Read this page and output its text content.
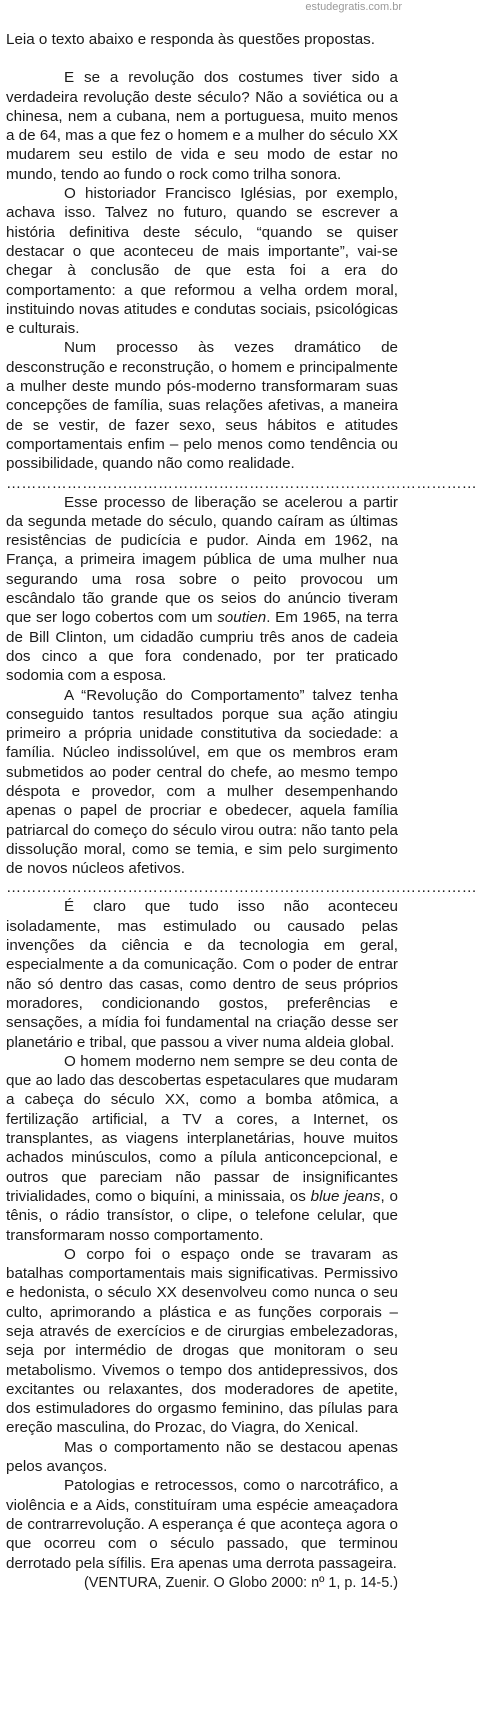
estudegratis.com.br

Leia o texto abaixo e responda às questões propostas.

E se a revolução dos costumes tiver sido a verdadeira revolução deste século? Não a soviética ou a chinesa, nem a cubana, nem a portuguesa, muito menos a de 64, mas a que fez o homem e a mulher do século XX mudarem seu estilo de vida e seu modo de estar no mundo, tendo ao fundo o rock como trilha sonora.

O historiador Francisco Iglésias, por exemplo, achava isso. Talvez no futuro, quando se escrever a história definitiva deste século, “quando se quiser destacar o que aconteceu de mais importante”, vai-se chegar à conclusão de que esta foi a era do comportamento: a que reformou a velha ordem moral, instituindo novas atitudes e condutas sociais, psicológicas e culturais.

Num processo às vezes dramático de desconstrução e reconstrução, o homem e principalmente a mulher deste mundo pós-moderno transformaram suas concepções de família, suas relações afetivas, a maneira de se vestir, de fazer sexo, seus hábitos e atitudes comportamentais enfim – pelo menos como tendência ou possibilidade, quando não como realidade.

…………………………………………………………………………………

Esse processo de liberação se acelerou a partir da segunda metade do século, quando caíram as últimas resistências de pudicícia e pudor. Ainda em 1962, na França, a primeira imagem pública de uma mulher nua segurando uma rosa sobre o peito provocou um escândalo tão grande que os seios do anúncio tiveram que ser logo cobertos com um soutien. Em 1965, na terra de Bill Clinton, um cidadão cumpriu três anos de cadeia dos cinco a que fora condenado, por ter praticado sodomia com a esposa.

A “Revolução do Comportamento” talvez tenha conseguido tantos resultados porque sua ação atingiu primeiro a própria unidade constitutiva da sociedade: a família. Núcleo indissolúvel, em que os membros eram submetidos ao poder central do chefe, ao mesmo tempo déspota e provedor, com a mulher desempenhando apenas o papel de procriar e obedecer, aquela família patriarcal do começo do século virou outra: não tanto pela dissolução moral, como se temia, e sim pelo surgimento de novos núcleos afetivos.

…………………………………………………………………………………

É claro que tudo isso não aconteceu isoladamente, mas estimulado ou causado pelas invenções da ciência e da tecnologia em geral, especialmente a da comunicação. Com o poder de entrar não só dentro das casas, como dentro de seus próprios moradores, condicionando gostos, preferências e sensações, a mídia foi fundamental na criação desse ser planetário e tribal, que passou a viver numa aldeia global.

O homem moderno nem sempre se deu conta de que ao lado das descobertas espetaculares que mudaram a cabeça do século XX, como a bomba atômica, a fertilização artificial, a TV a cores, a Internet, os transplantes, as viagens interplanetárias, houve muitos achados minúsculos, como a pílula anticoncepcional, e outros que pareciam não passar de insignificantes trivialidades, como o biquíni, a minissaia, os blue jeans, o tênis, o rádio transístor, o clipe, o telefone celular, que transformaram nosso comportamento.

O corpo foi o espaço onde se travaram as batalhas comportamentais mais significativas. Permissivo e hedonista, o século XX desenvolveu como nunca o seu culto, aprimorando a plástica e as funções corporais – seja através de exercícios e de cirurgias embelezadoras, seja por intermédio de drogas que monitoram o seu metabolismo. Vivemos o tempo dos antidepressivos, dos excitantes ou relaxantes, dos moderadores de apetite, dos estimuladores do orgasmo feminino, das pílulas para ereção masculina, do Prozac, do Viagra, do Xenical.

Mas o comportamento não se destacou apenas pelos avanços.

Patologias e retrocessos, como o narcotráfico, a violência e a Aids, constituíram uma espécie ameaçadora de contrarrevolução. A esperança é que aconteça agora o que ocorreu com o século passado, que terminou derrotado pela sífilis. Era apenas uma derrota passageira.

(VENTURA, Zuenir. O Globo 2000: nº 1, p. 14-5.)
